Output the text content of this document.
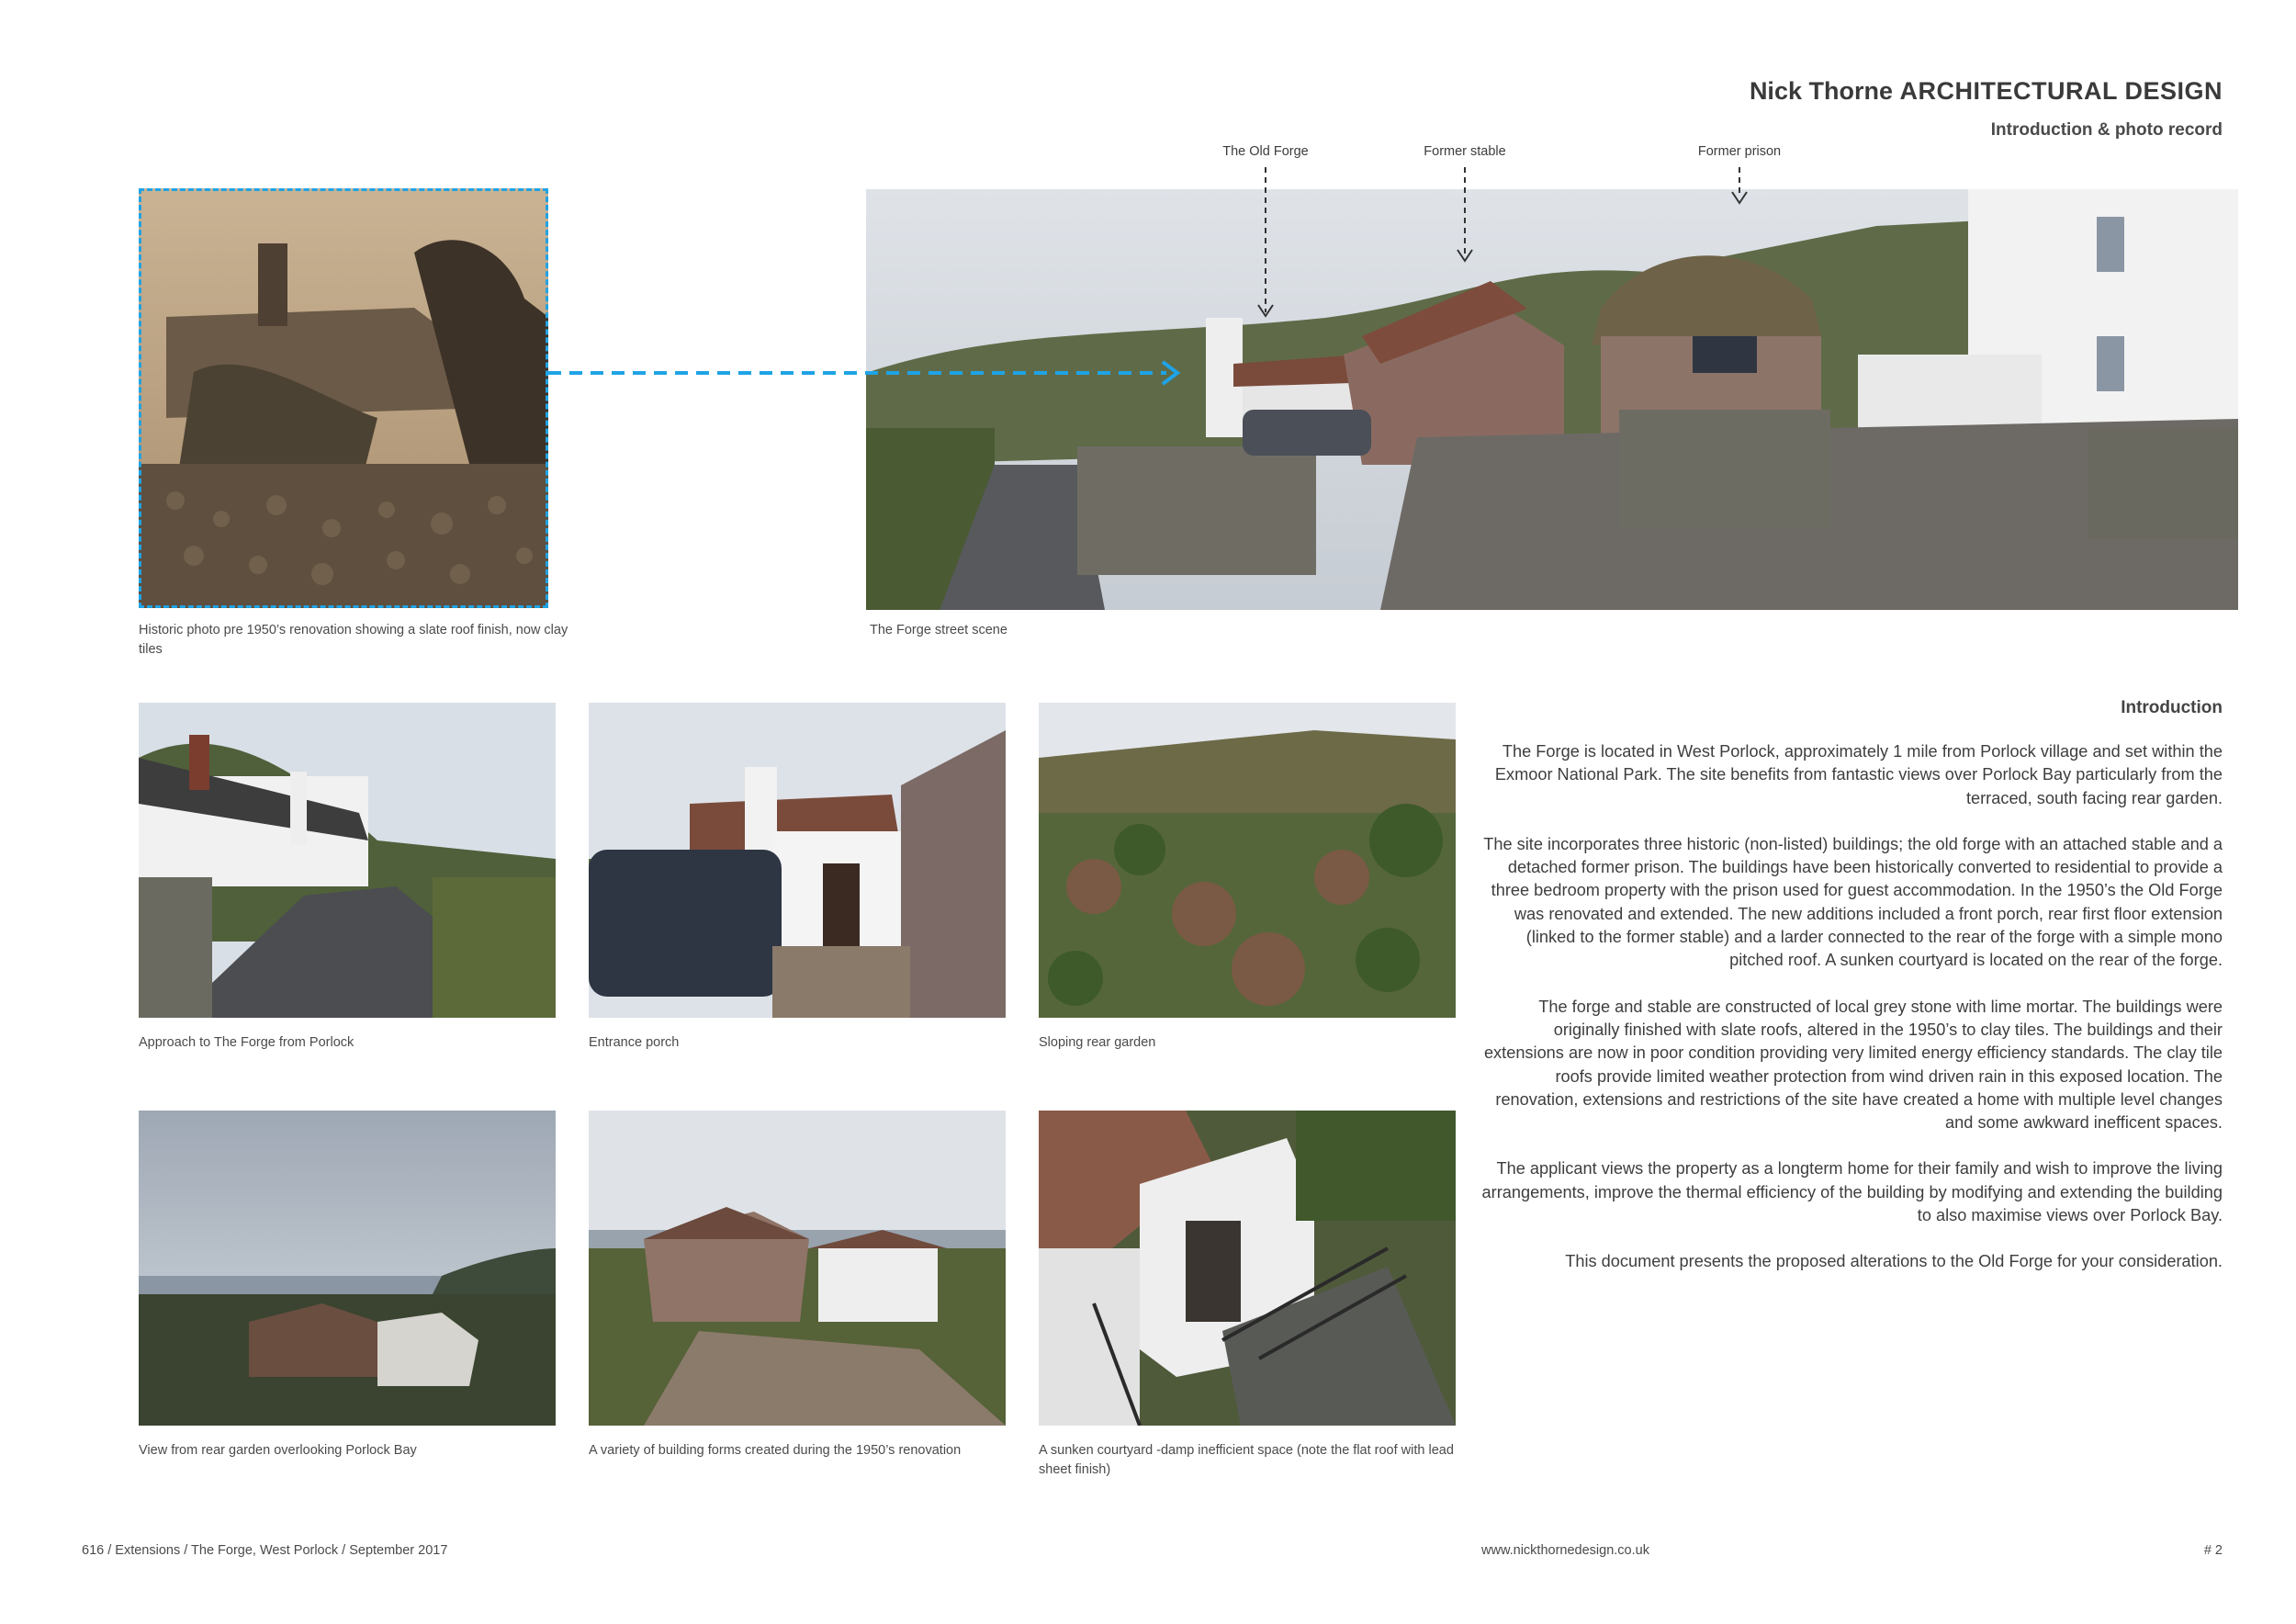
Nick Thorne ARCHITECTURAL DESIGN
Introduction & photo record
The Old Forge	Former stable	Former prison
Historic photo pre 1950’s renovation showing a slate roof finish, now clay tiles
The Forge street scene
Approach to The Forge from Porlock	Entrance porch	Sloping rear garden
View from rear garden overlooking Porlock Bay	A variety of building forms created during the 1950’s renovation	A sunken courtyard -damp inefficient space (note the flat roof with lead sheet finish)
Introduction

The Forge is located in West Porlock, approximately 1 mile from Porlock village and set within the Exmoor National Park. The site benefits from fantastic views over Porlock Bay particularly from the terraced, south facing rear garden.

The site incorporates three historic (non-listed) buildings; the old forge with an attached stable and a detached former prison. The buildings have been historically converted to residential to provide a three bedroom property with the prison used for guest accommodation. In the 1950’s the Old Forge was renovated and extended. The new additions included a front porch, rear first floor extension (linked to the former stable) and a larder connected to the rear of the forge with a simple mono pitched roof. A sunken courtyard is located on the rear of the forge.

The forge and stable are constructed of local grey stone with lime mortar. The buildings were originally finished with slate roofs, altered in the 1950’s to clay tiles. The buildings and their extensions are now in poor condition providing very limited energy efficiency standards. The clay tile roofs provide limited weather protection from wind driven rain in this exposed location. The renovation, extensions and restrictions of the site have created a home with multiple level changes and some awkward inefficent spaces.

The applicant views the property as a longterm home for their family and wish to improve the living arrangements, improve the thermal efficiency of the building by modifying and extending the building to also maximise views over Porlock Bay.

This document presents the proposed alterations to the Old Forge for your consideration.

616 / Extensions / The Forge, West Porlock / September 2017	www.nickthornedesign.co.uk	# 2
